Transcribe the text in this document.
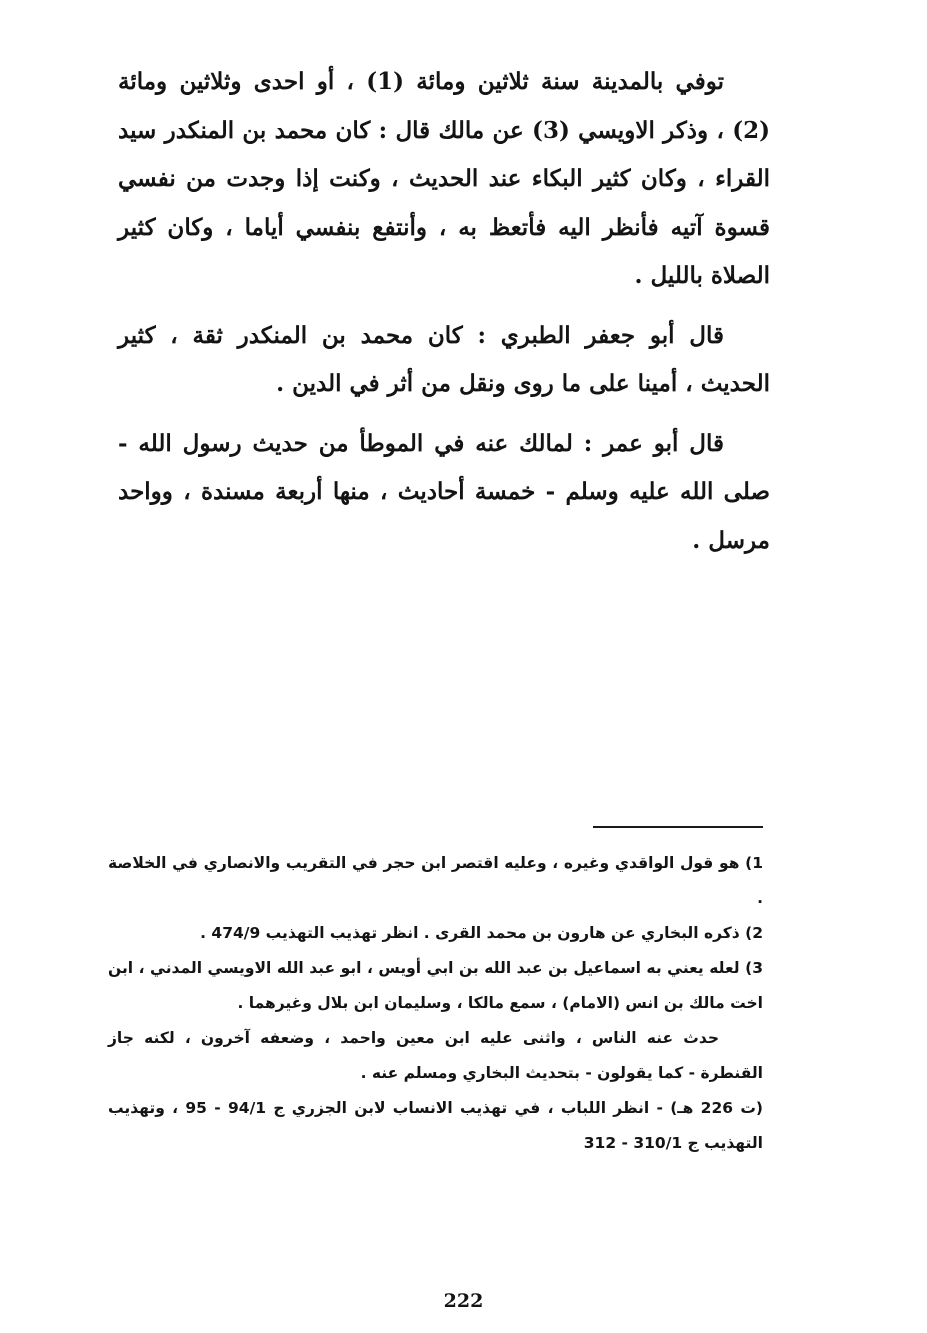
توفي بالمدينة سنة ثلاثين ومائة (1) ، أو احدى وثلاثين ومائة (2) ، وذكر الاويسي (3) عن مالك قال : كان محمد بن المنكدر سيد القراء ، وكان كثير البكاء عند الحديث ، وكنت إذا وجدت من نفسي قسوة آتيه فأنظر اليه فأتعظ به ، وأنتفع بنفسي أياما ، وكان كثير الصلاة بالليل .

قال أبو جعفر الطبري : كان محمد بن المنكدر ثقة ، كثير الحديث ، أمينا على ما روى ونقل من أثر في الدين .

قال أبو عمر : لمالك عنه في الموطأ من حديث رسول الله - صلى الله عليه وسلم - خمسة أحاديث ، منها أربعة مسندة ، وواحد مرسل .

1) هو قول الواقدي وغيره ، وعليه اقتصر ابن حجر في التقريب والانصاري في الخلاصة .

2) ذكره البخاري عن هارون بن محمد القرى . انظر تهذيب التهذيب 474/9 .

3) لعله يعني به اسماعيل بن عبد الله بن ابي أويس ، ابو عبد الله الاويسي المدني ، ابن اخت مالك بن انس (الامام) ، سمع مالكا ، وسليمان ابن بلال وغيرهما .

حدث عنه الناس ، واثنى عليه ابن معين واحمد ، وضعفه آخرون ، لكنه جاز القنطرة - كما يقولون - بتحديث البخاري ومسلم عنه .

(ت 226 هـ) - انظر اللباب ، في تهذيب الانساب لابن الجزري ج 94/1 - 95 ، وتهذيب التهذيب ج 310/1 - 312

222
